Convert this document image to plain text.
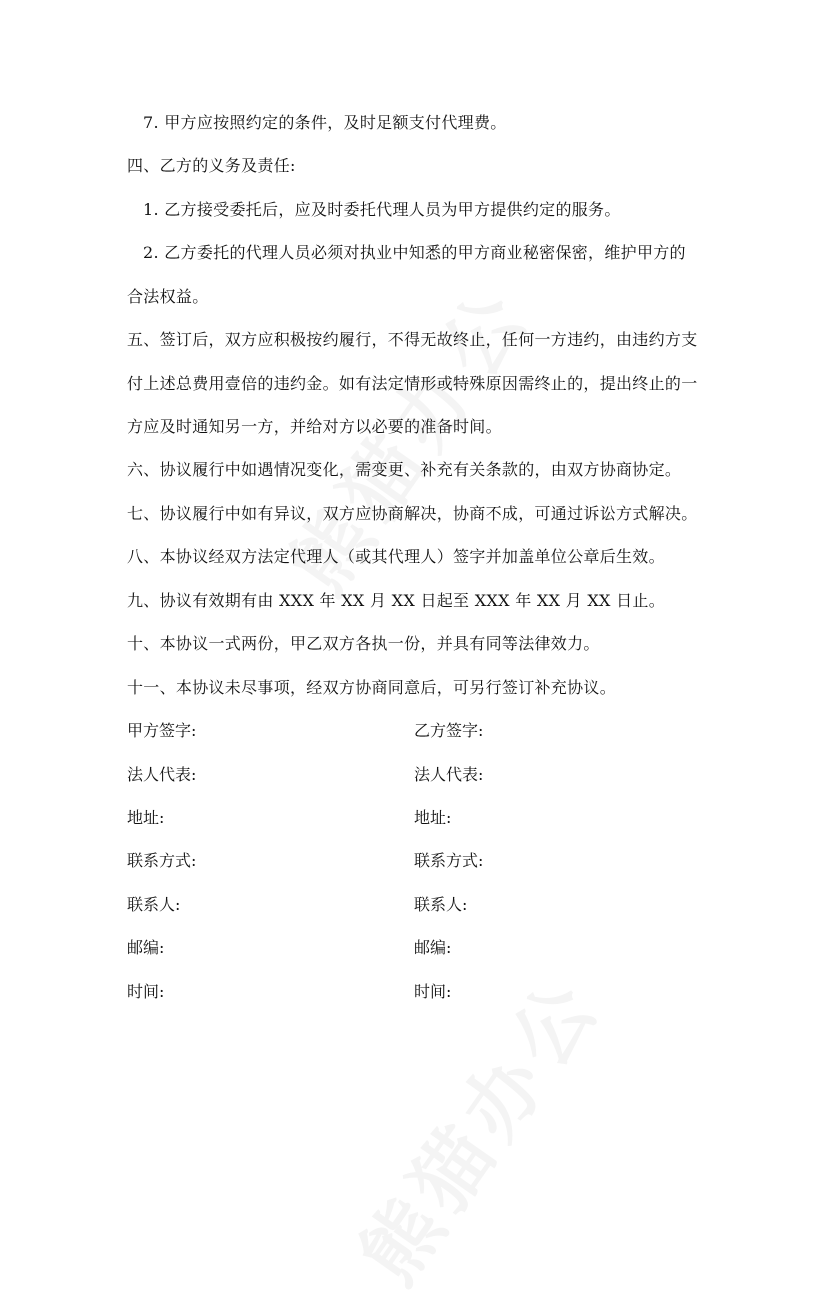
7. 甲方应按照约定的条件，及时足额支付代理费。
四、乙方的义务及责任:
1. 乙方接受委托后，应及时委托代理人员为甲方提供约定的服务。
2. 乙方委托的代理人员必须对执业中知悉的甲方商业秘密保密，维护甲方的
合法权益。
五、签订后，双方应积极按约履行，不得无故终止，任何一方违约，由违约方支
付上述总费用壹倍的违约金。如有法定情形或特殊原因需终止的，提出终止的一
方应及时通知另一方，并给对方以必要的准备时间。
六、协议履行中如遇情况变化，需变更、补充有关条款的，由双方协商协定。
七、协议履行中如有异议，双方应协商解决，协商不成，可通过诉讼方式解决。
八、本协议经双方法定代理人（或其代理人）签字并加盖单位公章后生效。
九、协议有效期有由 XXX 年 XX 月 XX 日起至 XXX 年 XX 月 XX 日止。
十、本协议一式两份，甲乙双方各执一份，并具有同等法律效力。
十一、本协议未尽事项，经双方协商同意后，可另行签订补充协议。
甲方签字:	乙方签字:
法人代表:	法人代表:
地址:	地址:
联系方式:	联系方式:
联系人:	联系人:
邮编:	邮编:
时间:	时间:
